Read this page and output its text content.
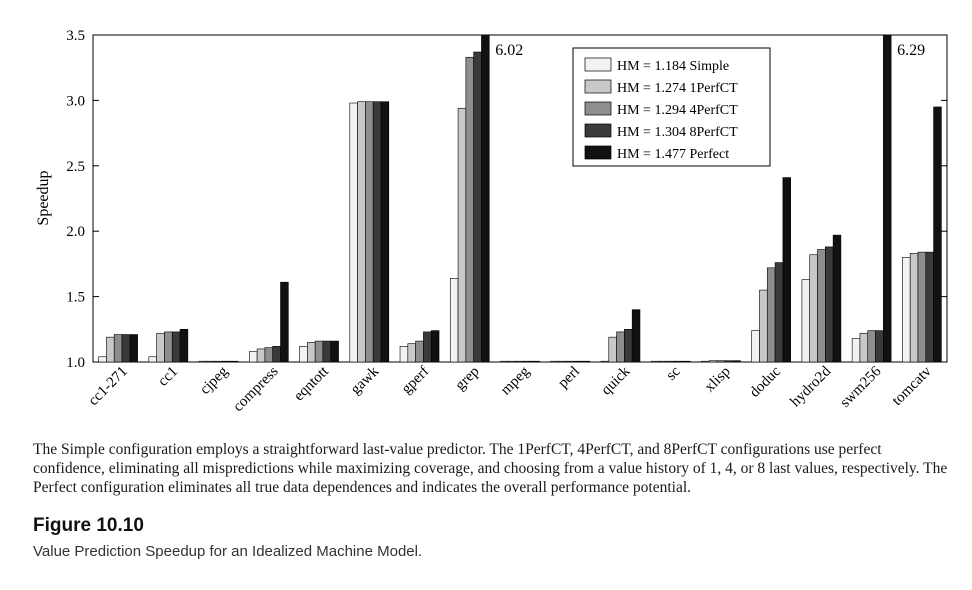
1.0
1.5
2.0
2.5
3.0
3.5
cc1-271 cc1 cjpeg
compress eqntott gawk gperf grep mpeg perl quick sc xlisp doduc hydro2d swm256 tomcatv
6.02	6.29
Speedup
HM = 1.184 Simple
HM = 1.274 1PerfCT
HM = 1.294 4PerfCT
HM = 1.304 8PerfCT
HM = 1.477 Perfect
The Simple configuration employs a straightforward last-value predictor. The 1PerfCT, 4PerfCT, and 8PerfCT configurations use perfect confidence, eliminating all mispredictions while maximizing coverage, and choosing from a value history of 1, 4, or 8 last values, respectively. The Perfect configuration eliminates all true data dependences and indicates the overall performance potential.
Figure 10.10
Value Prediction Speedup for an Idealized Machine Model.
